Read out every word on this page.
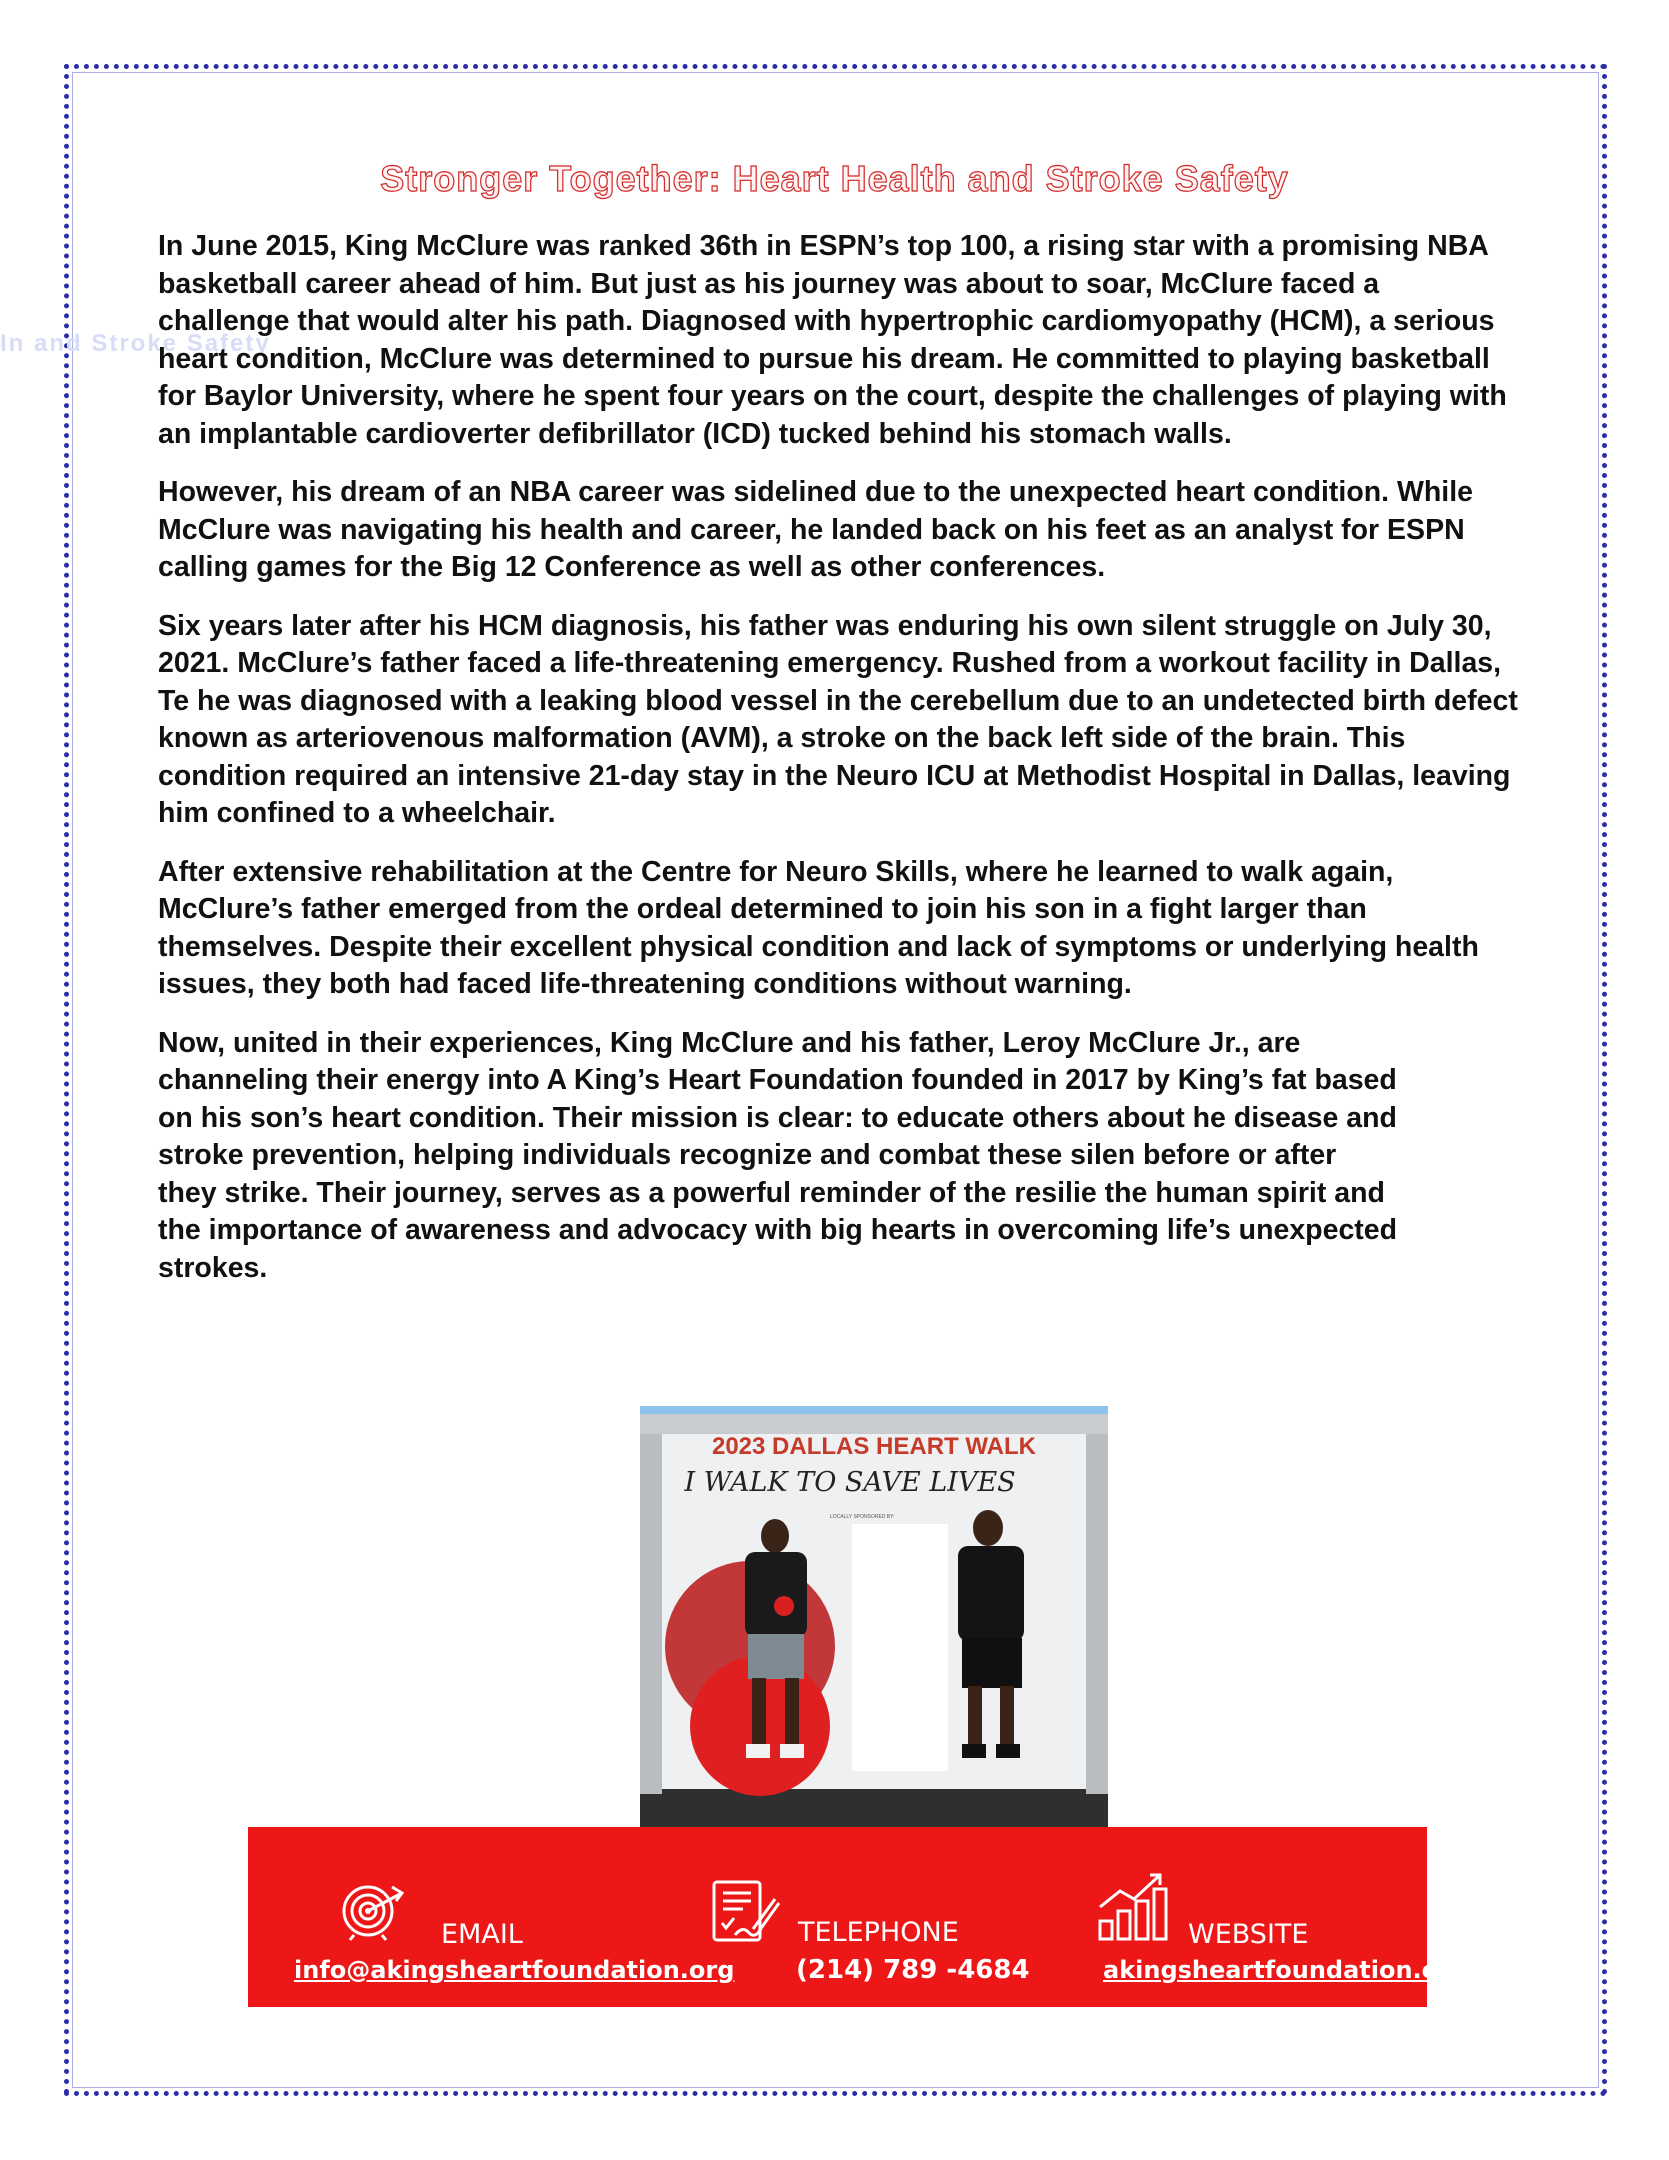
In and Stroke Safety
Stronger Together: Heart Health and Stroke Safety

In June 2015, King McClure was ranked 36th in ESPN’s top 100, a rising star with a promising NBA basketball career ahead of him. But just as his journey was about to soar, McClure faced a challenge that would alter his path. Diagnosed with hypertrophic cardiomyopathy (HCM), a serious heart condition, McClure was determined to pursue his dream. He committed to playing basketball for Baylor University, where he spent four years on the court, despite the challenges of playing with an implantable cardioverter defibrillator (ICD) tucked behind his stomach walls.

However, his dream of an NBA career was sidelined due to the unexpected heart condition. While McClure was navigating his health and career, he landed back on his feet as an analyst for ESPN calling games for the Big 12 Conference as well as other conferences.

Six years later after his HCM diagnosis, his father was enduring his own silent struggle on July 30, 2021. McClure’s father faced a life-threatening emergency. Rushed from a workout facility in Dallas, Te he was diagnosed with a leaking blood vessel in the cerebellum due to an undetected birth defect known as arteriovenous malformation (AVM), a stroke on the back left side of the brain. This condition required an intensive 21-day stay in the Neuro ICU at Methodist Hospital in Dallas, leaving him confined to a wheelchair.

After extensive rehabilitation at the Centre for Neuro Skills, where he learned to walk again, McClure’s father emerged from the ordeal determined to join his son in a fight larger than themselves. Despite their excellent physical condition and lack of symptoms or underlying health issues, they both had faced life-threatening conditions without warning.

Now, united in their experiences, King McClure and his father, Leroy McClure Jr., are channeling their energy into A King’s Heart Foundation founded in 2017 by King’s fat based on his son’s heart condition. Their mission is clear: to educate others about he disease and stroke prevention, helping individuals recognize and combat these silen before or after they strike. Their journey, serves as a powerful reminder of the resilie the human spirit and the importance of awareness and advocacy with big hearts in overcoming life’s unexpected strokes.

2023 DALLAS HEART WALK
I WALK TO SAVE LIVES
LOCALLY SPONSORED BY:
EMAIL
info@akingsheartfoundation.org
TELEPHONE
(214) 789 -4684
WEBSITE
akingsheartfoundation.org
